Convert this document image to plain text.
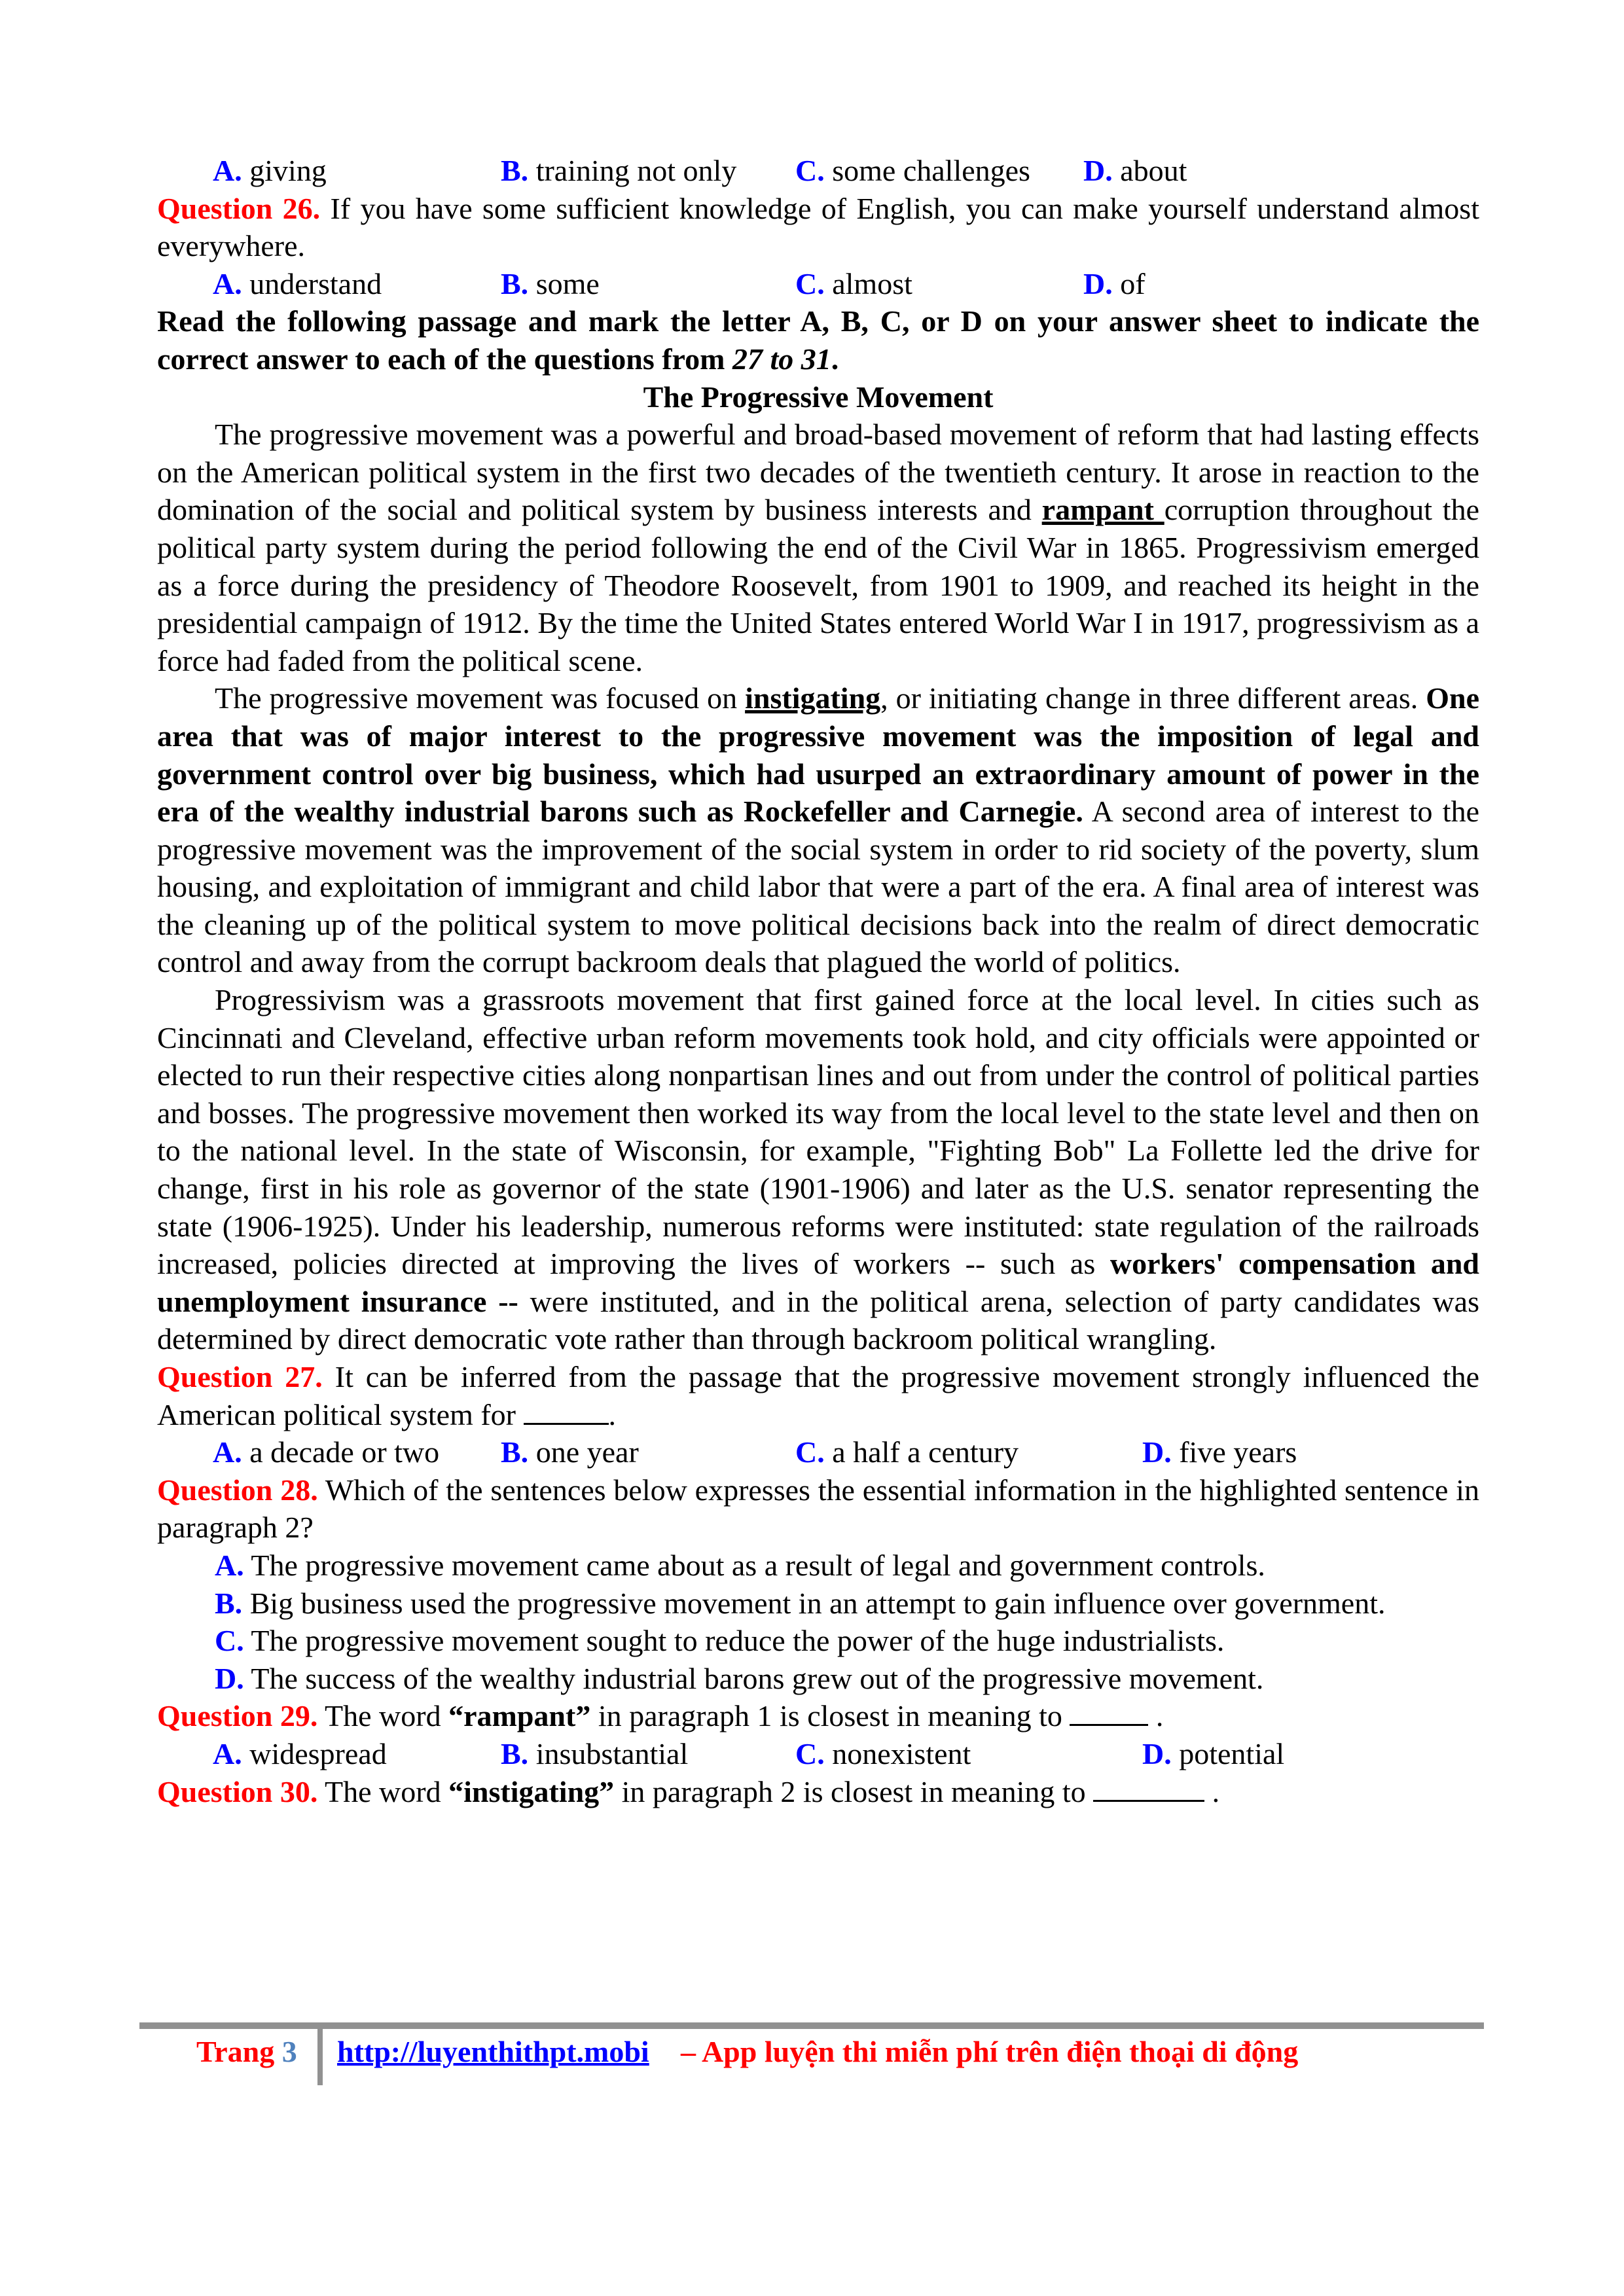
A. giving	B. training not only C. some challenges D. about
Question 26. If you have some sufficient knowledge of English, you can make yourself understand almost everywhere.
A. understand	B. some	C. almost	D. of
Read the following passage and mark the letter A, B, C, or D on your answer sheet to indicate the correct answer to each of the questions from 27 to 31.
The Progressive Movement
The progressive movement was a powerful and broad-based movement of reform that had lasting effects on the American political system in the first two decades of the twentieth century. It arose in reaction to the domination of the social and political system by business interests and rampant corruption throughout the political party system during the period following the end of the Civil War in 1865. Progressivism emerged as a force during the presidency of Theodore Roosevelt, from 1901 to 1909, and reached its height in the presidential campaign of 1912. By the time the United States entered World War I in 1917, progressivism as a force had faded from the political scene.
The progressive movement was focused on instigating, or initiating change in three different areas. One area that was of major interest to the progressive movement was the imposition of legal and government control over big business, which had usurped an extraordinary amount of power in the era of the wealthy industrial barons such as Rockefeller and Carnegie. A second area of interest to the progressive movement was the improvement of the social system in order to rid society of the poverty, slum housing, and exploitation of immigrant and child labor that were a part of the era. A final area of interest was the cleaning up of the political system to move political decisions back into the realm of direct democratic control and away from the corrupt backroom deals that plagued the world of politics.
Progressivism was a grassroots movement that first gained force at the local level. In cities such as Cincinnati and Cleveland, effective urban reform movements took hold, and city officials were appointed or elected to run their respective cities along nonpartisan lines and out from under the control of political parties and bosses. The progressive movement then worked its way from the local level to the state level and then on to the national level. In the state of Wisconsin, for example, "Fighting Bob" La Follette led the drive for change, first in his role as governor of the state (1901-1906) and later as the U.S. senator representing the state (1906-1925). Under his leadership, numerous reforms were instituted: state regulation of the railroads increased, policies directed at improving the lives of workers -- such as workers' compensation and unemployment insurance -- were instituted, and in the political arena, selection of party candidates was determined by direct democratic vote rather than through backroom political wrangling.
Question 27. It can be inferred from the passage that the progressive movement strongly influenced the American political system for	.
A. a decade or two B. one year	C. a half a century	D. five years
Question 28. Which of the sentences below expresses the essential information in the highlighted sentence in paragraph 2?
A. The progressive movement came about as a result of legal and government controls.
B. Big business used the progressive movement in an attempt to gain influence over government.
C. The progressive movement sought to reduce the power of the huge industrialists.
D. The success of the wealthy industrial barons grew out of the progressive movement.
Question 29. The word “rampant” in paragraph 1 is closest in meaning to	.
A. widespread	B. insubstantial	C. nonexistent	D. potential
Question 30. The word “instigating” in paragraph 2 is closest in meaning to	.
Trang 3 http://luyenthithpt.mobi – App luyện thi miễn phí trên điện thoại di động
